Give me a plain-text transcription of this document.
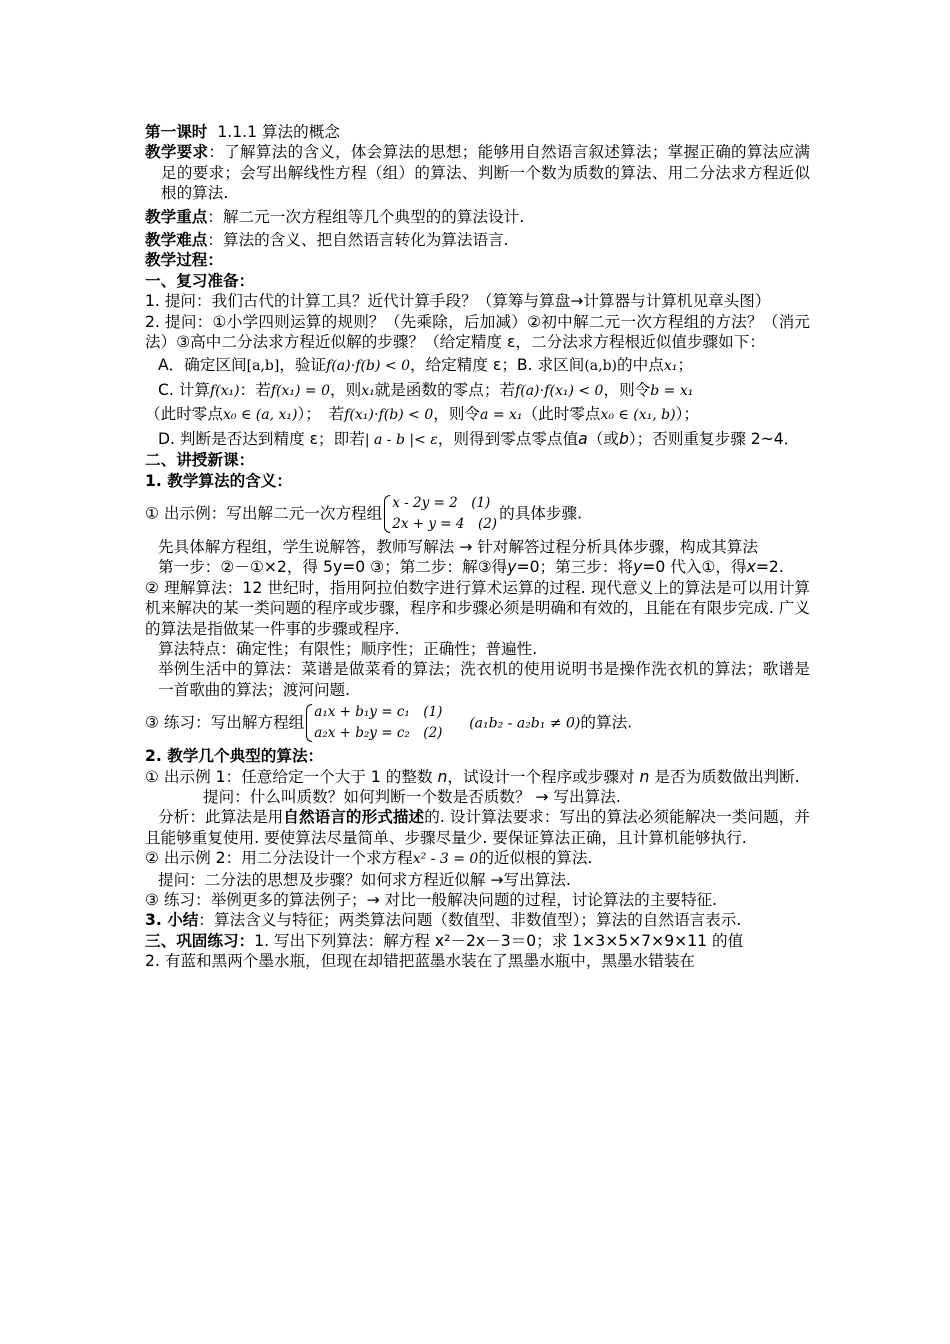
第一课时 1.1.1 算法的概念

教学要求：了解算法的含义，体会算法的思想；能够用自然语言叙述算法；掌握正确的算法应满足的要求；会写出解线性方程（组）的算法、判断一个数为质数的算法、用二分法求方程近似根的算法.

教学重点：解二元一次方程组等几个典型的的算法设计.

教学难点：算法的含义、把自然语言转化为算法语言.

教学过程：

一、复习准备：

1. 提问：我们古代的计算工具？近代计算手段？（算筹与算盘→计算器与计算机见章头图）

2. 提问：①小学四则运算的规则？（先乘除，后加减）②初中解二元一次方程组的方法？（消元法）③高中二分法求方程近似解的步骤？（给定精度 ε，二分法求方程根近似值步骤如下：

A．确定区间[a,b]，验证f(a)⋅f(b) < 0，给定精度 ε；B. 求区间(a,b)的中点x₁；

C. 计算f(x₁)：若f(x₁) = 0，则x₁就是函数的零点；若f(a)⋅f(x₁) < 0，则令b = x₁

（此时零点x₀ ∈ (a, x₁)）；　若f(x₁)⋅f(b) < 0，则令a = x₁（此时零点x₀ ∈ (x₁, b)）；

D. 判断是否达到精度 ε；即若| a - b |< ε，则得到零点零点值a（或b）；否则重复步骤 2~4．

二、讲授新课：

1. 教学算法的含义：

① 出示例：写出解二元一次方程组
x - 2y = 2　(1)
2x + y = 4　(2)
的具体步骤.

先具体解方程组，学生说解答，教师写解法 → 针对解答过程分析具体步骤，构成其算法

第一步：②－①×2，得 5y=0 ③；第二步：解③得y=0；第三步：将y=0 代入①，得x=2.

② 理解算法：12 世纪时，指用阿拉伯数字进行算术运算的过程. 现代意义上的算法是可以用计算机来解决的某一类问题的程序或步骤，程序和步骤必须是明确和有效的，且能在有限步完成. 广义的算法是指做某一件事的步骤或程序.

算法特点：确定性；有限性；顺序性；正确性；普遍性.

举例生活中的算法：菜谱是做菜肴的算法；洗衣机的使用说明书是操作洗衣机的算法；歌谱是一首歌曲的算法；渡河问题.

③ 练习：写出解方程组
a₁x + b₁y = c₁　(1)
a₂x + b₂y = c₂　(2)
(a₁b₂ - a₂b₁ ≠ 0)的算法.

2. 教学几个典型的算法：

① 出示例 1：任意给定一个大于 1 的整数 n，试设计一个程序或步骤对 n 是否为质数做出判断.

提问：什么叫质数？如何判断一个数是否质数？ → 写出算法.

分析：此算法是用自然语言的形式描述的. 设计算法要求：写出的算法必须能解决一类问题，并且能够重复使用. 要使算法尽量简单、步骤尽量少. 要保证算法正确，且计算机能够执行.

② 出示例 2：用二分法设计一个求方程x² - 3 = 0的近似根的算法.

提问：二分法的思想及步骤？如何求方程近似解 →写出算法.

③ 练习：举例更多的算法例子；→ 对比一般解决问题的过程，讨论算法的主要特征.

3. 小结：算法含义与特征；两类算法问题（数值型、非数值型）；算法的自然语言表示.

三、巩固练习：1. 写出下列算法：解方程 x²－2x－3＝0；求 1×3×5×7×9×11 的值

2. 有蓝和黑两个墨水瓶，但现在却错把蓝墨水装在了黑墨水瓶中，黑墨水错装在
